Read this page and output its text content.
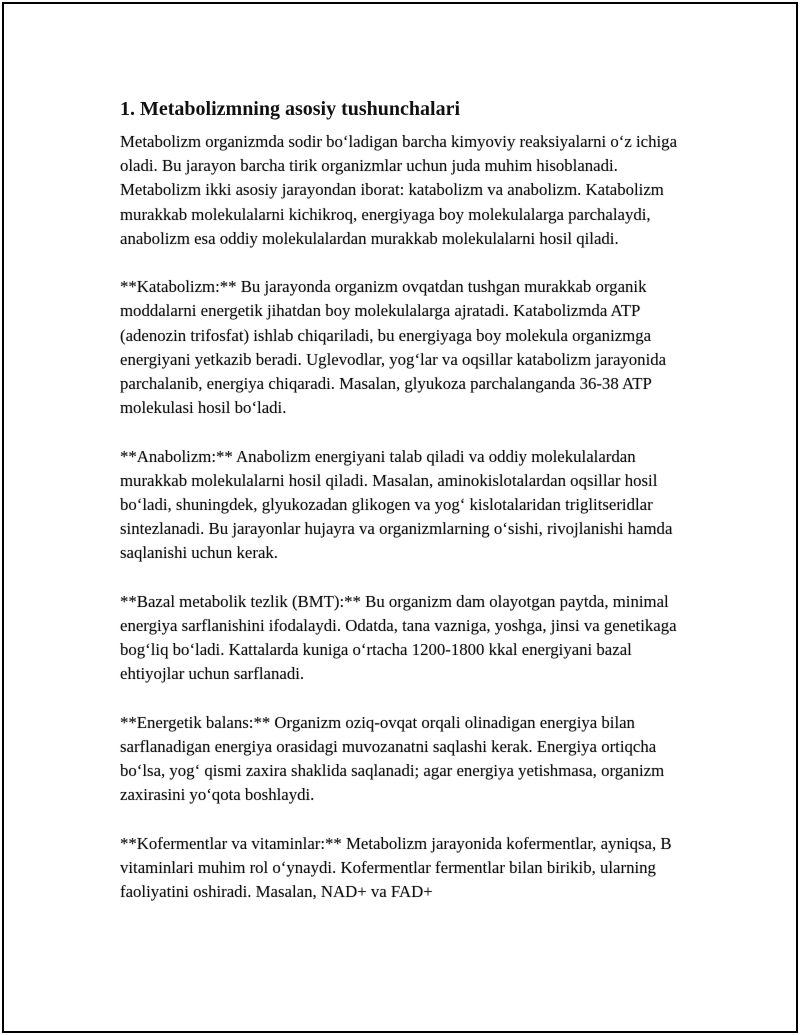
1. Metabolizmning asosiy tushunchalari

Metabolizm organizmda sodir bo‘ladigan barcha kimyoviy reaksiyalarni o‘z ichiga oladi. Bu jarayon barcha tirik organizmlar uchun juda muhim hisoblanadi. Metabolizm ikki asosiy jarayondan iborat: katabolizm va anabolizm. Katabolizm murakkab molekulalarni kichikroq, energiyaga boy molekulalarga parchalaydi, anabolizm esa oddiy molekulalardan murakkab molekulalarni hosil qiladi.

**Katabolizm:** Bu jarayonda organizm ovqatdan tushgan murakkab organik moddalarni energetik jihatdan boy molekulalarga ajratadi. Katabolizmda ATP (adenozin trifosfat) ishlab chiqariladi, bu energiyaga boy molekula organizmga energiyani yetkazib beradi. Uglevodlar, yog‘lar va oqsillar katabolizm jarayonida parchalanib, energiya chiqaradi. Masalan, glyukoza parchalanganda 36-38 ATP molekulasi hosil bo‘ladi.

**Anabolizm:** Anabolizm energiyani talab qiladi va oddiy molekulalardan murakkab molekulalarni hosil qiladi. Masalan, aminokislotalardan oqsillar hosil bo‘ladi, shuningdek, glyukozadan glikogen va yog‘ kislotalaridan triglitseridlar sintezlanadi. Bu jarayonlar hujayra va organizmlarning o‘sishi, rivojlanishi hamda saqlanishi uchun kerak.

**Bazal metabolik tezlik (BMT):** Bu organizm dam olayotgan paytda, minimal energiya sarflanishini ifodalaydi. Odatda, tana vazniga, yoshga, jinsi va genetikaga bog‘liq bo‘ladi. Kattalarda kuniga o‘rtacha 1200-1800 kkal energiyani bazal ehtiyojlar uchun sarflanadi.

**Energetik balans:** Organizm oziq-ovqat orqali olinadigan energiya bilan sarflanadigan energiya orasidagi muvozanatni saqlashi kerak. Energiya ortiqcha bo‘lsa, yog‘ qismi zaxira shaklida saqlanadi; agar energiya yetishmasa, organizm zaxirasini yo‘qota boshlaydi.

**Kofermentlar va vitaminlar:** Metabolizm jarayonida kofermentlar, ayniqsa, B vitaminlari muhim rol o‘ynaydi. Kofermentlar fermentlar bilan birikib, ularning faoliyatini oshiradi. Masalan, NAD+ va FAD+
